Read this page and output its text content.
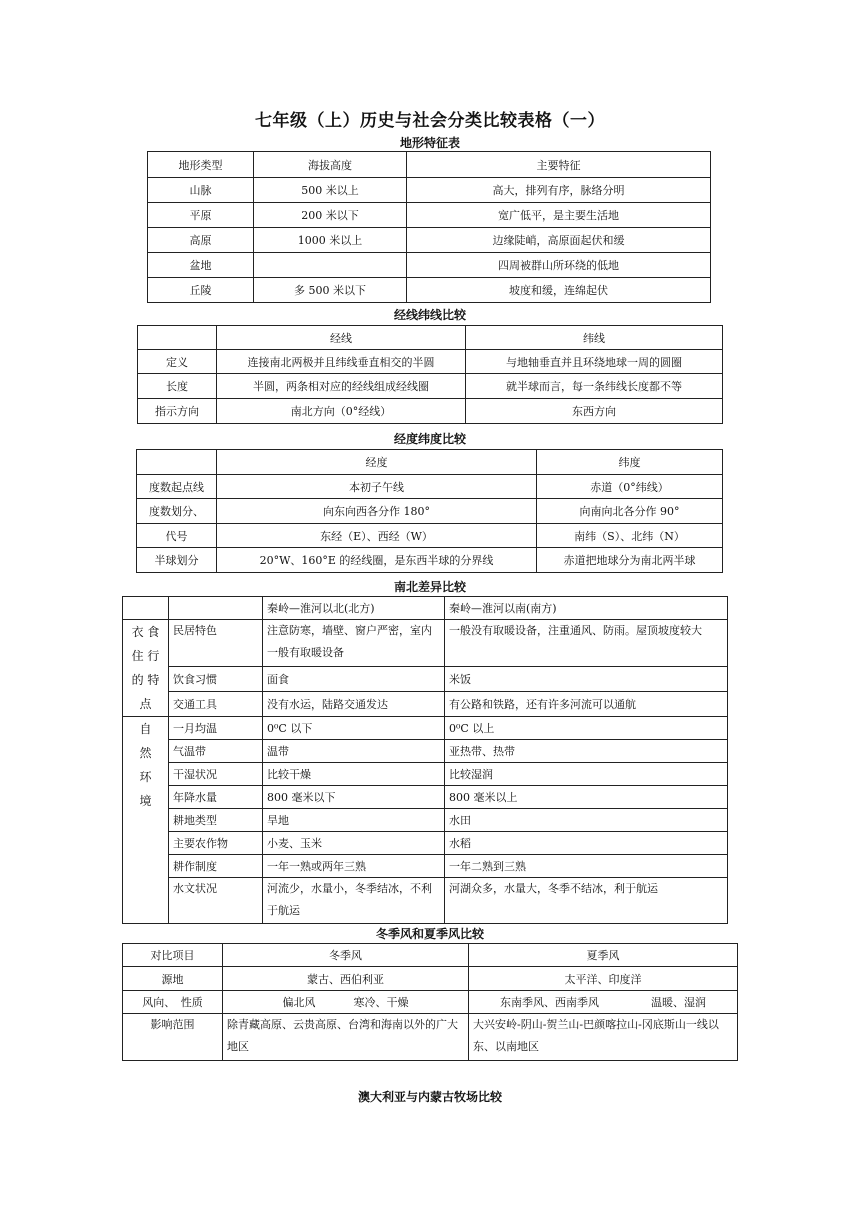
七年级（上）历史与社会分类比较表格（一）
地形特征表
地形类型	海拔高度	主要特征
山脉	500 米以上	高大，排列有序，脉络分明
平原	200 米以下	宽广低平，是主要生活地
高原	1000 米以上	边缘陡峭，高原面起伏和缓
盆地		四周被群山所环绕的低地
丘陵	多 500 米以下	坡度和缓，连绵起伏
经线纬线比较
	经线	纬线
定义	连接南北两极并且纬线垂直相交的半圆	与地轴垂直并且环绕地球一周的圆圈
长度	半圆，两条相对应的经线组成经线圈	就半球而言，每一条纬线长度都不等
指示方向	南北方向（0°经线）	东西方向
经度纬度比较
	经度	纬度
度数起点线	本初子午线	赤道（0°纬线）
度数划分、	向东向西各分作 180°	向南向北各分作 90°
代号	东经（E）、西经（W）	南纬（S）、北纬（N）
半球划分	20°W、160°E 的经线圈，是东西半球的分界线	赤道把地球分为南北两半球
南北差异比较
		秦岭—淮河以北(北方)	秦岭—淮河以南(南方)

衣 食
住 行
的 特
点	民居特色	注意防寒，墙壁、窗户严密，室内一般有取暖设备	一般没有取暖设备，注重通风、防雨。屋顶坡度较大
	饮食习惯	面食	米饭
	交通工具	没有水运，陆路交通发达	有公路和铁路，还有许多河流可以通航

自
然
环
境	一月均温	0⁰C 以下	0⁰C 以上
	气温带	温带	亚热带、热带
	干湿状况	比较干燥	比较湿润
	年降水量	800 毫米以下	800 毫米以上
	耕地类型	旱地	水田
	主要农作物	小麦、玉米	水稻
	耕作制度	一年一熟或两年三熟	一年二熟到三熟
	水文状况	河流少，水量小，冬季结冰，不利于航运	河湖众多，水量大，冬季不结冰，利于航运
冬季风和夏季风比较
对比项目	冬季风	夏季风
源地	蒙古、西伯利亚	太平洋、印度洋
风向、　性质	偏北风 寒冷、干燥	东南季风、西南季风 温暖、湿润
影响范围	除青藏高原、云贵高原、台湾和海南以外的广大地区	大兴安岭-阴山-贺兰山-巴颜喀拉山-冈底斯山一线以东、以南地区
澳大利亚与内蒙古牧场比较
